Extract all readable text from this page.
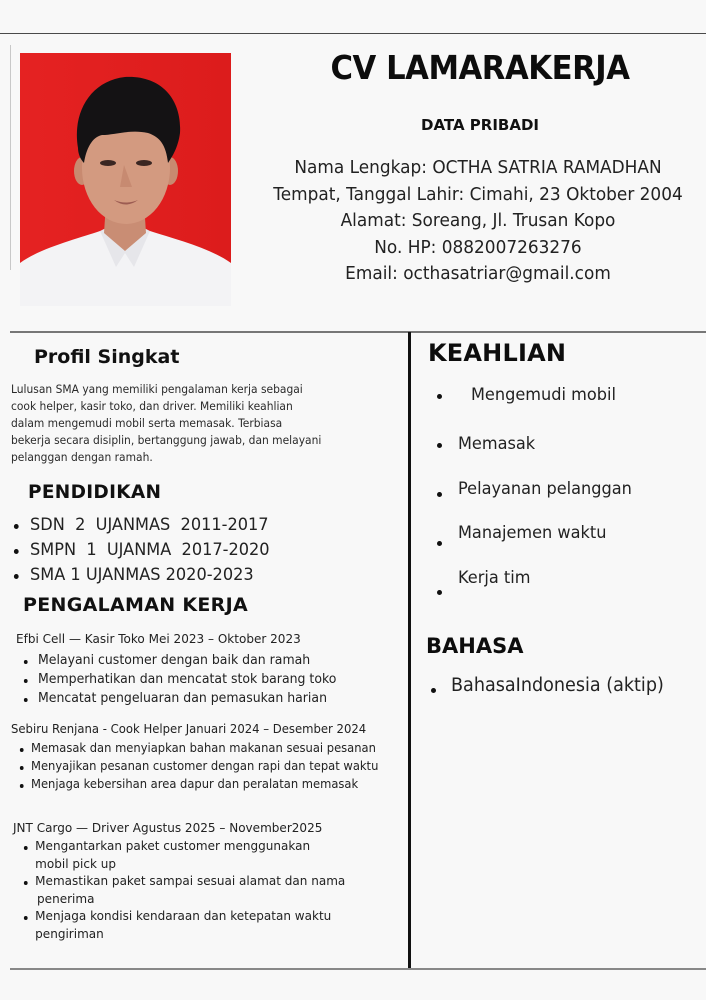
CV LAMARAKERJA
DATA PRIBADI
Nama Lengkap: OCTHA SATRIA RAMADHAN
Tempat, Tanggal Lahir: Cimahi, 23 Oktober 2004
Alamat: Soreang, Jl. Trusan Kopo
No. HP: 0882007263276
Email: octhasatriar@gmail.com
Profil Singkat
Lulusan SMA yang memiliki pengalaman kerja sebagai
cook helper, kasir toko, dan driver. Memiliki keahlian
dalam mengemudi mobil serta memasak. Terbiasa
bekerja secara disiplin, bertanggung jawab, dan melayani
pelanggan dengan ramah.
PENDIDIKAN
SDN  2  UJANMAS  2011-2017
SMPN  1  UJANMA  2017-2020
SMA 1 UJANMAS 2020-2023
PENGALAMAN KERJA
Efbi Cell — Kasir Toko Mei 2023 – Oktober 2023
Melayani customer dengan baik dan ramah
Memperhatikan dan mencatat stok barang toko
Mencatat pengeluaran dan pemasukan harian
Sebiru Renjana - Cook Helper Januari 2024 – Desember 2024
Memasak dan menyiapkan bahan makanan sesuai pesanan
Menyajikan pesanan customer dengan rapi dan tepat waktu
Menjaga kebersihan area dapur dan peralatan memasak
JNT Cargo — Driver Agustus 2025 – November2025
Mengantarkan paket customer menggunakan
mobil pick up
Memastikan paket sampai sesuai alamat dan nama
penerima
Menjaga kondisi kendaraan dan ketepatan waktu
pengiriman
KEAHLIAN
Mengemudi mobil
Memasak
Pelayanan pelanggan
Manajemen waktu
Kerja tim
BAHASA
BahasaIndonesia (aktip)
